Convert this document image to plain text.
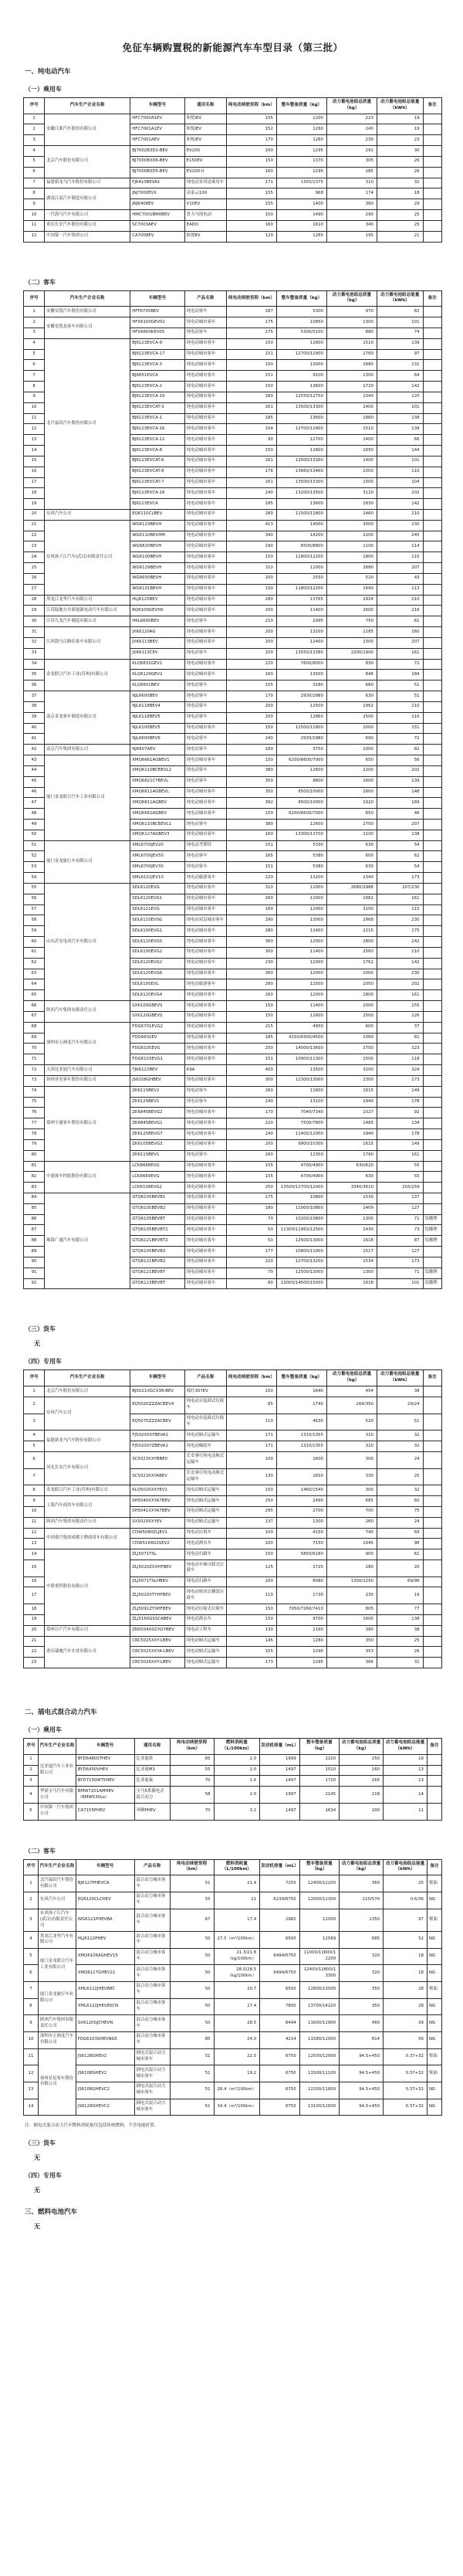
免征车辆购置税的新能源汽车车型目录（第三批）
一、纯电动汽车
（一）乘用车
序号	汽车生产企业名称	车辆型号	通用名称	纯电动续驶里程（km）	整车整备质量（kg）	动力蓄电池组总质量（kg）	动力蓄电池组总能量（kWh）	备注
1	安徽江淮汽车股份有限公司	HFC7000A1EV	和悦iEV	155	1200	223	19	
2		HFC7001A1EV	和悦iEV	152	1260	240	19	
3		HFC7001AEV	和悦iEV	170	1260	230	23	
4	北京汽车股份有限公司	BJ7002B3D2-BEV	EV200	200	1295	291	30	
5		BJ7000B3D6-BEV	E150EV	150	1370	305	26	
6		BJ7000B3D5-BEV	EV200-II	160	1295	285	26	
7	福建新龙马汽车股份有限公司	FJ6410BEVA1	纯电动多用途乘用车	171	1355/1375	310	32	
8	湖南江南汽车制造有限公司	JNJ7000EVX	众泰云100	155	968	174	18	
9		JNJ6408EV	V10EV	155	1400	360	29	
10	一汽海马汽车有限公司	HMC7001BM0BEV	普力马纯电动	150	1490	290	25	
11	重庆长安汽车股份有限公司	SC7003AEV	EADO	160	1610	340	25	
12	中国第一汽车集团公司	CA7008EV	欧朗EV	120	1265	195	21	
（二）客车
序号	汽车生产企业名称	车辆型号	产品名称	纯电动续驶里程（km）	整车整备质量（kg）	动力蓄电池组总质量（kg）	动力蓄电池组总能量（kWh）	备注
1	安徽安凯汽车股份有限公司	HFF6705BEV	纯电动客车	187	5300	970	82	
2	安徽星凯龙客车有限公司	HFX6100GEV02	纯电动城市客车	175	10850	1300	101	
3		HFX6600KEV05	纯电动客车	175	5300/5100	880	74	
4	北汽福田汽车股份有限公司	BJ6123EVCA-9	纯电动城市客车	150	12600	1510	139	
5		BJ6123EVCA-17	纯电动城市客车	151	12700/12900	1760	97	
6		BJ6123EVCA-3	纯电动城市客车	150	13000	1680	131	
7		BJ6851EVCA	纯电动城市客车	151	9100	1300	64	
8		BJ6123EVCA-2	纯电动城市客车	150	13600	1720	142	
9		BJ6123EVCA-19	纯电动城市客车	180	12550/12750	2340	120	
10		BJ6123EVCAT-3	纯电动城市客车	161	13500/13300	1400	101	
11		BJ6123EVCA-1	纯电动城市客车	185	13600	1860	138	
12		BJ6123EVCA-16	纯电动城市客车	154	12700/12900	1510	139	
13		BJ6123EVCA-12	纯电动城市客车	90	12700	1400	66	
14		BJ6123EVCA-8	纯电动城市客车	150	12600	1650	144	
15		BJ6123EVCAT-6	纯电动城市客车	161	13500/13300	1400	101	
16		BJ6123EVCAT-8	纯电动城市客车	176	13660/13460	2000	110	
17		BJ6123EVCAT-7	纯电动城市客车	161	13500/13300	1500	104	
18		BJ6123EVCA-18	纯电动城市客车	240	13200/13500	3120	202	
19		BJ6123EVCA	纯电动城市客车	185	13600	1830	142	
20	东风汽车公司	EQ6110CLBEV	纯电动城市客车	280	11500/11800	2460	210	
21	东风扬子江汽车(武汉)有限责任公司	WG6123BEVH	纯电动城市客车	413	14000	3000	230	
22		WG6110BEVHM	纯电动城市客车	340	14200	2200	245	
23		WG6820BEVH	纯电动城市客车	190	8500/8800	1100	114	
24		WG6100BEVH	纯电动城市客车	150	11800/12200	1800	115	
25		WG6129BEVH	纯电动城市客车	310	12000	2680	207	
26		WG6650BEVH	纯电动城市客车	200	2550	520	43	
27		WG6101BEVH	纯电动城市客车	150	11800/12200	1690	113	
28	黑龙江龙华汽车有限公司	HLJ6125BEV	纯电动城市客车	280	13765	2924	210	
29	江苏陆地方舟新能源电动汽车有限公司	RQ6100GEVH0	纯电动城市客车	200	11400	2600	216	
30	江苏九龙汽车制造有限公司	HKL6600BEV	纯电动客车	210	2995	750	61	
31	江西凯马百路佳客车有限公司	JXK6120AG	纯电动城市客车	200	13200	2285	160	
32		JXK6113BEV	纯电动城市客车	200	12400	2300	207	
33		JXK6113CEV	纯电动客车	200	13550/13380	2200/1900	161	
34	金龙联合汽车工业(苏州)有限公司	KLQ6832GEV1	纯电动城市客车	220	7600/8000	830	72	
35		KLQ6129GEV2	纯电动城市客车	160	13500	846	184	
36		KLQ6601BEV	纯电动客车	155	3180	660	51	
37	南京金龙客车制造有限公司	NJL6600BEV	纯电动客车	170	2930/2980	630	51	
38		NJL6118BEV4	纯电动客车	200	12500	1962	210	
39		NJL6118BEV5	纯电动客车	200	12860	2500	210	
40		NJL6100BEV5	纯电动城市客车	150	11500/11800	2000	151	
41		NJL6600BEV6	纯电动客车	240	2930/2980	690	72	
42	南京汽车集团有限公司	NJ6607AEV	纯电动客车	180	3750	1000	82	
43	厦门金龙联合汽车工业有限公司	XMQ6661AGBEV1	纯电动城市客车	150	6200/6600/7000	650	56	
44		XMQ6110BCBEVL2	纯电动客车	380	12600	2200	202	
45		XMQ6821CYBEVL	纯电动客车	350	9800	1600	139	
46		XMQ6811AGBEVL	纯电动城市客车	350	9500/10000	1600	148	
47		XMQ6811AGBEV	纯电动城市客车	392	9500/10000	1920	169	
48		XMQ6661AGBEV	纯电动城市客车	150	6200/6600/7000	850	46	
49		XMQ6110BCBEVL1	纯电动客车	380	12600	2700	207	
50		XMQ6127AGBEV3	纯电动城市客车	160	13300/13700	2100	138	
51	厦门金龙旅行车有限公司	XML6700JEV20	纯电动考斯特	151	5330	630	54	
52		XML6700JEV50	纯电动客车	165	5380	600	62	
53		XML6700JEV30	纯电动客车	151	5380	630	54	
54		XML6102JEV10	纯电动旅游客车	220	13200	2340	173	
55	山东沂星电动汽车有限公司	SDL6120EVG	纯电动城市客车	310	12000	2680/2988	207/230	
56		SDL6120EVG1	纯电动城市客车	260	12000	1662	161	
57		SDL6121EVG	纯电动城市客车	160	12000	3200	115	
58		SDL6110EVSG	纯电动双层城市客车	290	13000	2968	230	
59		SDL6100EVG1	纯电动城市客车	280	11400	2215	175	
60		SDL6120EVG5	纯电动城市客车	360	12000	2800	242	
61		SDL6100EVG2	纯电动城市客车	300	11400	2560	210	
62		SDL6120EVG2	纯电动城市客车	230	12000	1762	142	
63		SDL6120EVG6	纯电动城市客车	360	12000	2000	230	
64		SDL6100EVL	纯电动旅游客车	280	12500	2050	202	
65		SDL6120EVG4	纯电动城市客车	260	12000	1800	161	
66	陕西汽车集团有限责任公司	SX6100GBEVS	纯电动城市客车	150	11400	2000	155	
67		SX6120GBEVS	纯电动城市客车	150	12600	2500	226	
68	深圳市五洲龙汽车有限公司	FDG6701EVG2	纯电动城市客车	215	4950	600	37	
69		FDG6602EV	纯电动城市客车	185	4150/4300/4500	1060	81	
70		FDG6105EVG	纯电动城市客车	250	14000/13600	3700	323	
71		FDG6103EVG1	纯电动城市客车	151	10900/11300	1500	118	
72	天津比亚迪汽车有限公司	TJK6122BEV	K9A	400	13500	3200	324	
73	扬州亚星客车股份有限公司	JS6108GHBEV	纯电动城市客车	300	12300/13000	2300	173	
74	郑州宇通客车股份有限公司	ZK6115BEV2	纯电动客车	260	11600	1615	149	
75		ZK6125BEV1	纯电动客车	240	13100	1940	178	
76		ZK6845BEVG2	纯电动城市客车	170	7040/7340	1027	92	
77		ZK6845BEVG1	纯电动城市客车	220	7500/7800	1485	134	
78		ZK6125BEVG7	纯电动城市客车	240	11400/12000	1940	178	
79		ZK6105BEVG3	纯电动城市客车	200	9900/10300	1615	149	
80		ZK6115BEV1	纯电动客车	260	12350	1760	161	
81	中通客车控股股份有限公司	LCK6668EVG	纯电动城市客车	155	4700/4900	630/620	55	
82		LCK6669EVG	纯电动城市客车	155	4700/4900	630	55	
83		LCK6108EVG2	纯电动城市客车	250	13500/12700/12000	3340/3610	203/259	
84	珠海广通汽车有限公司	GTQ6105BEVB1	纯电动城市客车	175	10800	1530	137	
85		GTQ6105BEVB2	纯电动城市客车	180	11000/10800	1409	127	
86		GTQ6105BEVBT	纯电动城市客车	70	10200/10800	1300	71	钛酸锂
87		GTQ6105BEVBT2	纯电动城市客车	50	11300/11950/12500	1430	73	钛酸锂
88		GTQ6121BEVBT2	纯电动城市客车	50	12500/13000	1618	87	钛酸锂
89		GTQ6105BEVB3	纯电动城市客车	177	10800/11000	1517	127	
90		GTQ6121BEVB2	纯电动城市客车	220	12700/13200	1534	173	
91		GTQ6121BEVBT	纯电动城市客车	70	12500/13000	1300	71	钛酸锂
92		GTQ6123BEVBT	纯电动城市客车	80	13000/14500/15000	1618	101	钛酸锂
（三）货车
无
（四）专用车
序号	汽车生产企业名称	车辆型号	产品名称	纯电动续驶里程（km）	整车整备质量（kg）	动力蓄电池组总质量（kg）	动力蓄电池组总能量（kWh）	备注
1	北京汽车股份有限公司	BJ5021XGCV3R-BEV	威旺307EV	150	1640	454	38	
2	东风汽车公司	EQ5020ZZZACBEV4	纯电动自装卸式垃圾车	85	1740	264/350	29/24	
3		EQ5070ZZZACBEV	纯电动自装卸式垃圾车	110	4630	520	51	
4	福建新龙马汽车股份有限公司	FJ5020XXYBEVA1	纯电动厢式运输车	171	1310/1355	310	32	
5		FJ5020XYZBEVA1	纯电动邮政车	171	1310/1355	310	32	
6	河北长安汽车有限公司	SC5023XXYBBEV	长安睿行纯电动厢式运输车	100	1600	300	24	
7		SC5023XXYABEV	长安睿行纯电动厢式运输车	130	1650	330	25	
8	金龙联合汽车工业(苏州)有限公司	KLQ5020XXYEV1	纯电动厢式运输车	150	1460/1540	300	32	
9	上海汽车商用车有限公司	SH5040XXYA7BEV	纯电动厢式运输车	250	2490	685	60	
10		SH5041XXYA7BEV	纯电动厢式运输车	295	2700	700	75	
11	陕西汽车集团有限责任公司	SX5020XXYEV	纯电动厢式运输车	137	1300	260	24	
12	中国重汽集团成都王牌商用车有限公司	CDW5080ZLJEV1	纯电动垃圾车	100	4150	740	69	
13		CDW5164GSSEV2	纯电动洒水车	100	7150	1045	98	
14	中联重科股份有限公司	ZLJ5071TSL	纯电动扫路车	150	5850/6180	900	61	
15		ZLJ5020ZXXHFBEV	纯电动车厢可卸式垃圾车	125	1725	280	20	
16		ZLJ5071TSLHBEV	纯电动扫路车	200	6080	1300/1250	69/96	
17		ZLJ5020XTYHFBEV	纯电动密闭式桶装垃圾车	110	1730	230	19	
18		ZLJ5091ZYSHFBEV	纯电动压缩式垃圾车	150	7050/7260/7410	805	77	
19		ZLJ5160GSSCABEV	纯电动洒水车	150	9700	1600	138	
20	郑州日产汽车有限公司	ZN5034XGCH2YBEV	纯电动工程车	130	2160	380	38	
21	重庆瑞驰汽车实业有限公司	CRC5025XXY-LBEV	纯电动厢式运输车	145	1280	350	25	
22		CRC5025XXYA-LBEV	纯电动厢式运输车	155	1290	353	26	
23		CRC5026XXY-LBEV	纯电动厢式运输车	173	1295	366	31	
二、插电式混合动力汽车
（一）乘用车
序号	汽车生产企业名称	车辆型号	通用名称	纯电动续驶里程（km）	燃料消耗量（L/100km）	发动机排量（mL）	整车整备质量（kg）	动力蓄电池组总质量（kg）	动力蓄电池组总能量（kWh）	备注
1	比亚迪汽车工业有限公司	BYD6480STHEV	比亚迪唐	85	2.0	1999	2220	250	19	
2		BYD6450VHEV	比亚迪M3	55	2.0	1497	1510	160	13	
3		BYD7150WT5HEV	比亚迪秦	70	1.6	1497	1720	165	13	
4	华晨宝马汽车有限公司	BMW7201AMHEV（BMW530Le）	宝马5系插电式混合动力	58	2.0	1997	2145	218	14	
5	中国第一汽车集团公司	CA7155PHEV	奔腾PHEV	70	3.2	1497	1634	200	11	
（二）客车
序号	汽车生产企业名称	车辆型号	产品名称	纯电动续驶里程（km）	燃料消耗量（L/100km）	发动机排量（mL）	整车整备质量（kg）	动力蓄电池组总质量（kg）	动力蓄电池组总能量（kWh）	备注
1	北汽福田汽车股份有限公司	BJ6127PHEVCA	混合动力城市客车	51	21.4	7255	12400/12200	360	25	柴油
2	东风汽车公司	EQ6120CLCHEV	混合动力城市客车	55	21	6234/6750	12000/12300	210/570	0.6/36	NG
3	东风扬子江汽车(武汉)有限责任公司	WG6121PHEVBA	混合动力城市客车	67	17.4	2982	12000	1350	97	柴油
4	黑龙江龙华汽车有限公司	HLJ6122PHEV	混合动力城市客车	50	27.5（m³/100km）	6500	12569	685	52	NG
5	厦门金龙联合汽车工业有限公司	XMQ6106AGHEV15	混合动力城市客车	50	21.3/21.8（kg/100km）	6494/6750	11000/11600/12200	320	18	NG
6		XMQ6127GHEV22	混合动力城市客车	50	28.0/28.5（kg/100km）	6494/6750	12400/12800/13300	320	18	NG
7	厦门金龙旅行车有限公司	XML6122JHEV88C	混合动力城市客车	50	20.7	6500	12800/13500	350	28	柴油
8		XML6122JHEV85CN	混合动力城市客车	50	27.4	7800	13700/14220	350	28	NG
9	陕西汽车集团有限责任公司	SX6120GJCHEVN	混合动力城市客车	50	28.5	6494	11600/11900	460	39	NG
10	深圳市五洲龙汽车有限公司	FDG6103SHEVNG5	混合动力城市客车	85	24.0	4214	11580/12000	814	56	NG
11	扬州亚星客车股份有限公司	JS6128GHEV2	插电式混合动力城市客车	51	22.5	6750	12500/12000	94.5+450	0.37+32	柴油
12		JS6108GHEV2	插电式混合动力城市客车	51	19.2	6750	11500/11100	94.5+450	0.37+32	柴油
13		JS6108GHEVC2	插电式混合动力城市客车	51	28.4（m³/100km）	6750	12200/11800	94.5+450	0.37+32	NG
14		JS6128GHEVC2	插电式混合动力城市客车	51	34.4（m³/100km）	6750	13100/12600	94.5+450	0.37+32	NG
注：插电式混合动力汽车燃料消耗量仅包括传统燃料，不含电能折算。
（三）货车
无
（四）专用车
无
三、燃料电池汽车
无
